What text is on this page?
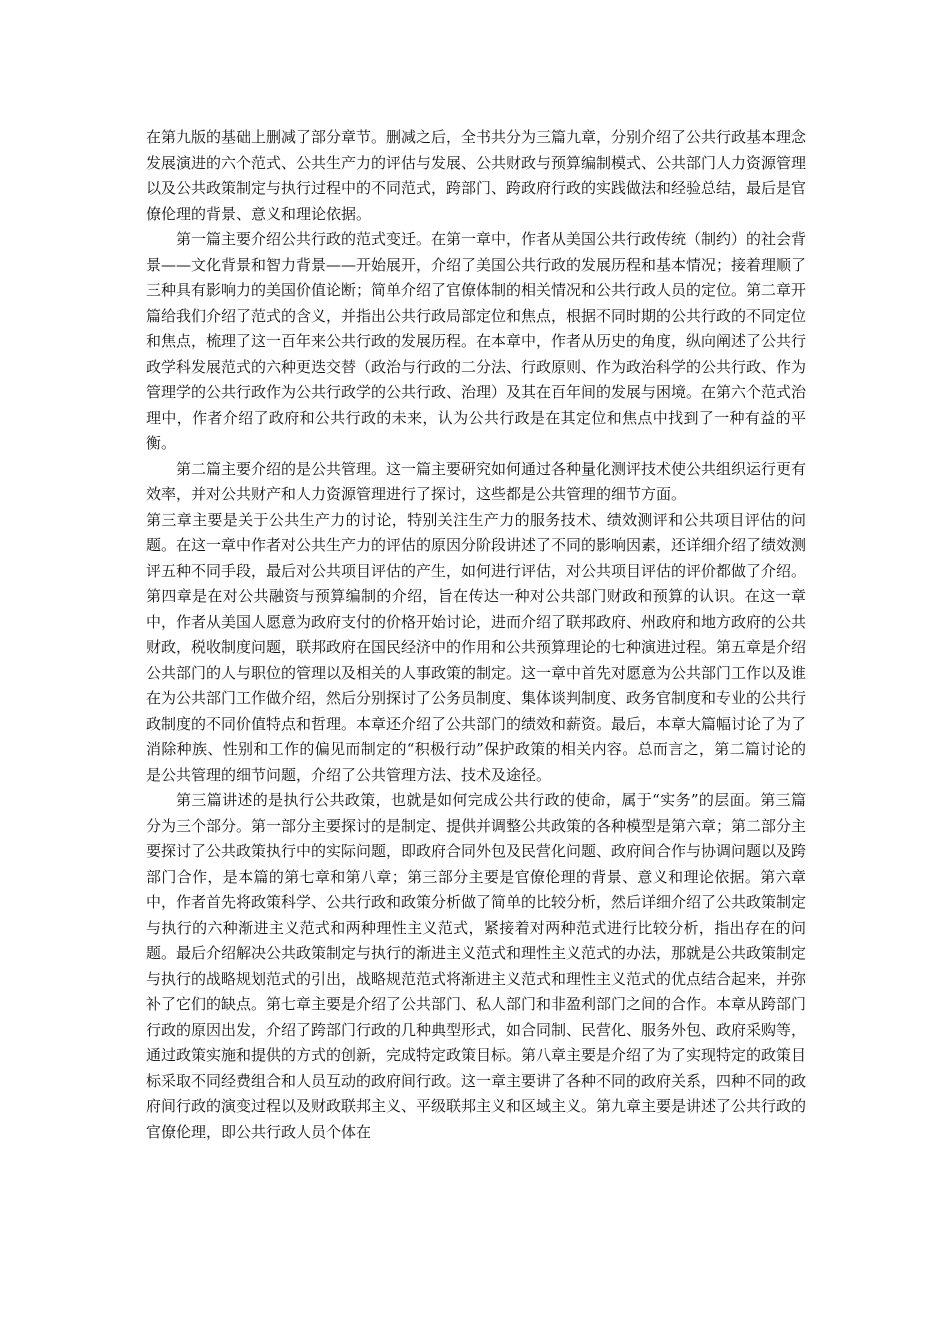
在第九版的基础上删减了部分章节。删减之后，全书共分为三篇九章，分别介绍了公共行政基本理念发展演进的六个范式、公共生产力的评估与发展、公共财政与预算编制模式、公共部门人力资源管理以及公共政策制定与执行过程中的不同范式，跨部门、跨政府行政的实践做法和经验总结，最后是官僚伦理的背景、意义和理论依据。

第一篇主要介绍公共行政的范式变迁。在第一章中，作者从美国公共行政传统（制约）的社会背景——文化背景和智力背景——开始展开，介绍了美国公共行政的发展历程和基本情况；接着理顺了三种具有影响力的美国价值论断；简单介绍了官僚体制的相关情况和公共行政人员的定位。第二章开篇给我们介绍了范式的含义，并指出公共行政局部定位和焦点，根据不同时期的公共行政的不同定位和焦点，梳理了这一百年来公共行政的发展历程。在本章中，作者从历史的角度，纵向阐述了公共行政学科发展范式的六种更迭交替（政治与行政的二分法、行政原则、作为政治科学的公共行政、作为管理学的公共行政作为公共行政学的公共行政、治理）及其在百年间的发展与困境。在第六个范式治理中，作者介绍了政府和公共行政的未来，认为公共行政是在其定位和焦点中找到了一种有益的平衡。

第二篇主要介绍的是公共管理。这一篇主要研究如何通过各种量化测评技术使公共组织运行更有效率，并对公共财产和人力资源管理进行了探讨，这些都是公共管理的细节方面。

第三章主要是关于公共生产力的讨论，特别关注生产力的服务技术、绩效测评和公共项目评估的问题。在这一章中作者对公共生产力的评估的原因分阶段讲述了不同的影响因素，还详细介绍了绩效测评五种不同手段，最后对公共项目评估的产生，如何进行评估，对公共项目评估的评价都做了介绍。第四章是在对公共融资与预算编制的介绍，旨在传达一种对公共部门财政和预算的认识。在这一章中，作者从美国人愿意为政府支付的价格开始讨论，进而介绍了联邦政府、州政府和地方政府的公共财政，税收制度问题，联邦政府在国民经济中的作用和公共预算理论的七种演进过程。第五章是介绍公共部门的人与职位的管理以及相关的人事政策的制定。这一章中首先对愿意为公共部门工作以及谁在为公共部门工作做介绍，然后分别探讨了公务员制度、集体谈判制度、政务官制度和专业的公共行政制度的不同价值特点和哲理。本章还介绍了公共部门的绩效和薪资。最后，本章大篇幅讨论了为了消除种族、性别和工作的偏见而制定的“积极行动”保护政策的相关内容。总而言之，第二篇讨论的是公共管理的细节问题，介绍了公共管理方法、技术及途径。

第三篇讲述的是执行公共政策，也就是如何完成公共行政的使命，属于“实务”的层面。第三篇分为三个部分。第一部分主要探讨的是制定、提供并调整公共政策的各种模型是第六章；第二部分主要探讨了公共政策执行中的实际问题，即政府合同外包及民营化问题、政府间合作与协调问题以及跨部门合作，是本篇的第七章和第八章；第三部分主要是官僚伦理的背景、意义和理论依据。第六章中，作者首先将政策科学、公共行政和政策分析做了简单的比较分析，然后详细介绍了公共政策制定与执行的六种渐进主义范式和两种理性主义范式，紧接着对两种范式进行比较分析，指出存在的问题。最后介绍解决公共政策制定与执行的渐进主义范式和理性主义范式的办法，那就是公共政策制定与执行的战略规划范式的引出，战略规范范式将渐进主义范式和理性主义范式的优点结合起来，并弥补了它们的缺点。第七章主要是介绍了公共部门、私人部门和非盈利部门之间的合作。本章从跨部门行政的原因出发，介绍了跨部门行政的几种典型形式，如合同制、民营化、服务外包、政府采购等，通过政策实施和提供的方式的创新，完成特定政策目标。第八章主要是介绍了为了实现特定的政策目标采取不同经费组合和人员互动的政府间行政。这一章主要讲了各种不同的政府关系，四种不同的政府间行政的演变过程以及财政联邦主义、平级联邦主义和区域主义。第九章主要是讲述了公共行政的官僚伦理，即公共行政人员个体在
